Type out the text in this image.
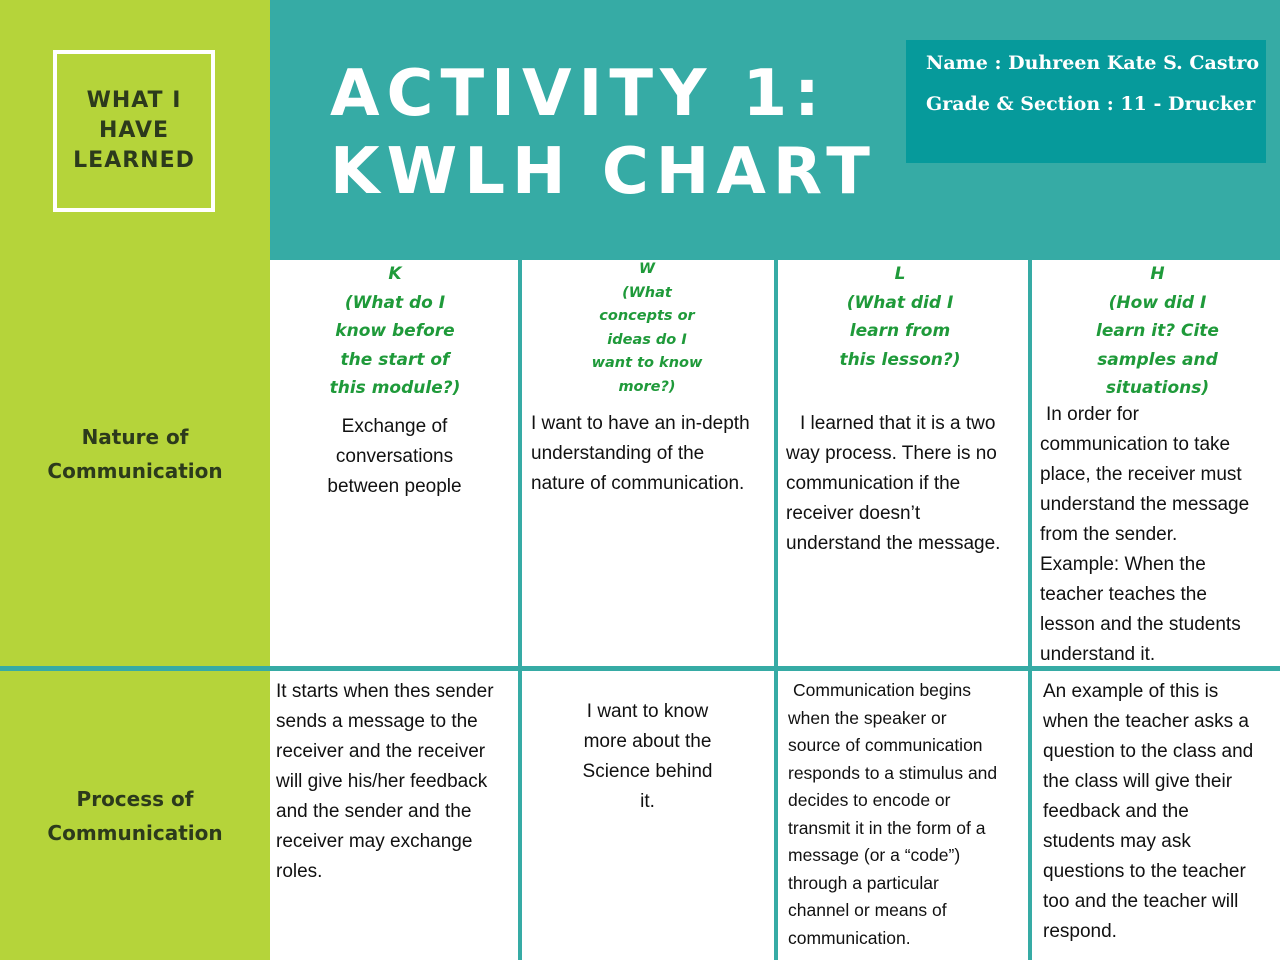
WHAT I
HAVE
LEARNED
ACTIVITY 1:
KWLH CHART
Name : Duhreen Kate S. Castro
Grade & Section : 11 - Drucker
K
(What do I
know before
the start of
this module?)
W
(What
concepts or
ideas do I
want to know
more?)
L
(What did I
learn from
this lesson?)
H
(How did I
learn it? Cite
samples and
situations)
Nature of
Communication
Process of
Communication
Exchange of
conversations
between people
I want to have an in-depth
understanding of the
nature of communication.
I learned that it is a two
way process. There is no
communication if the
receiver doesn’t
understand the message.
In order for
communication to take
place, the receiver must
understand the message
from the sender.
Example: When the
teacher teaches the
lesson and the students
understand it.
It starts when thes sender
sends a message to the
receiver and the receiver
will give his/her feedback
and the sender and the
receiver may exchange
roles.
I want to know
more about the
Science behind
it.
Communication begins
when the speaker or
source of communication
responds to a stimulus and
decides to encode or
transmit it in the form of a
message (or a “code”)
through a particular
channel or means of
communication.
An example of this is
when the teacher asks a
question to the class and
the class will give their
feedback and the
students may ask
questions to the teacher
too and the teacher will
respond.
